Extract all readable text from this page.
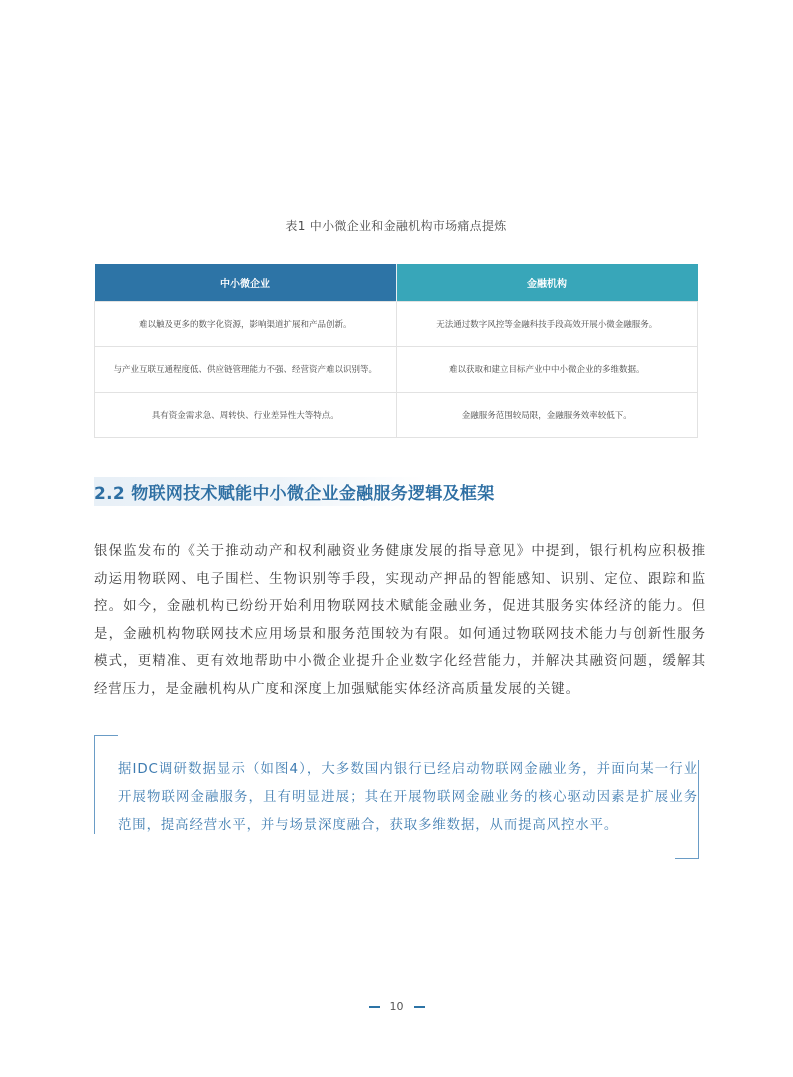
表1 中小微企业和金融机构市场痛点提炼
中小微企业	金融机构
难以触及更多的数字化资源，影响渠道扩展和产品创新。	无法通过数字风控等金融科技手段高效开展小微金融服务。
与产业互联互通程度低、供应链管理能力不强、经营资产难以识别等。	难以获取和建立目标产业中中小微企业的多维数据。
具有资金需求急、周转快、行业差异性大等特点。	金融服务范围较局限，金融服务效率较低下。
2.2 物联网技术赋能中小微企业金融服务逻辑及框架

银保监发布的《关于推动动产和权利融资业务健康发展的指导意见》中提到，银行机构应积极推动运用物联网、电子围栏、生物识别等手段，实现动产押品的智能感知、识别、定位、跟踪和监控。如今，金融机构已纷纷开始利用物联网技术赋能金融业务，促进其服务实体经济的能力。但是，金融机构物联网技术应用场景和服务范围较为有限。如何通过物联网技术能力与创新性服务模式，更精准、更有效地帮助中小微企业提升企业数字化经营能力，并解决其融资问题，缓解其经营压力，是金融机构从广度和深度上加强赋能实体经济高质量发展的关键。

据IDC调研数据显示（如图4），大多数国内银行已经启动物联网金融业务，并面向某一行业开展物联网金融服务，且有明显进展；其在开展物联网金融业务的核心驱动因素是扩展业务范围，提高经营水平，并与场景深度融合，获取多维数据，从而提高风控水平。

10
